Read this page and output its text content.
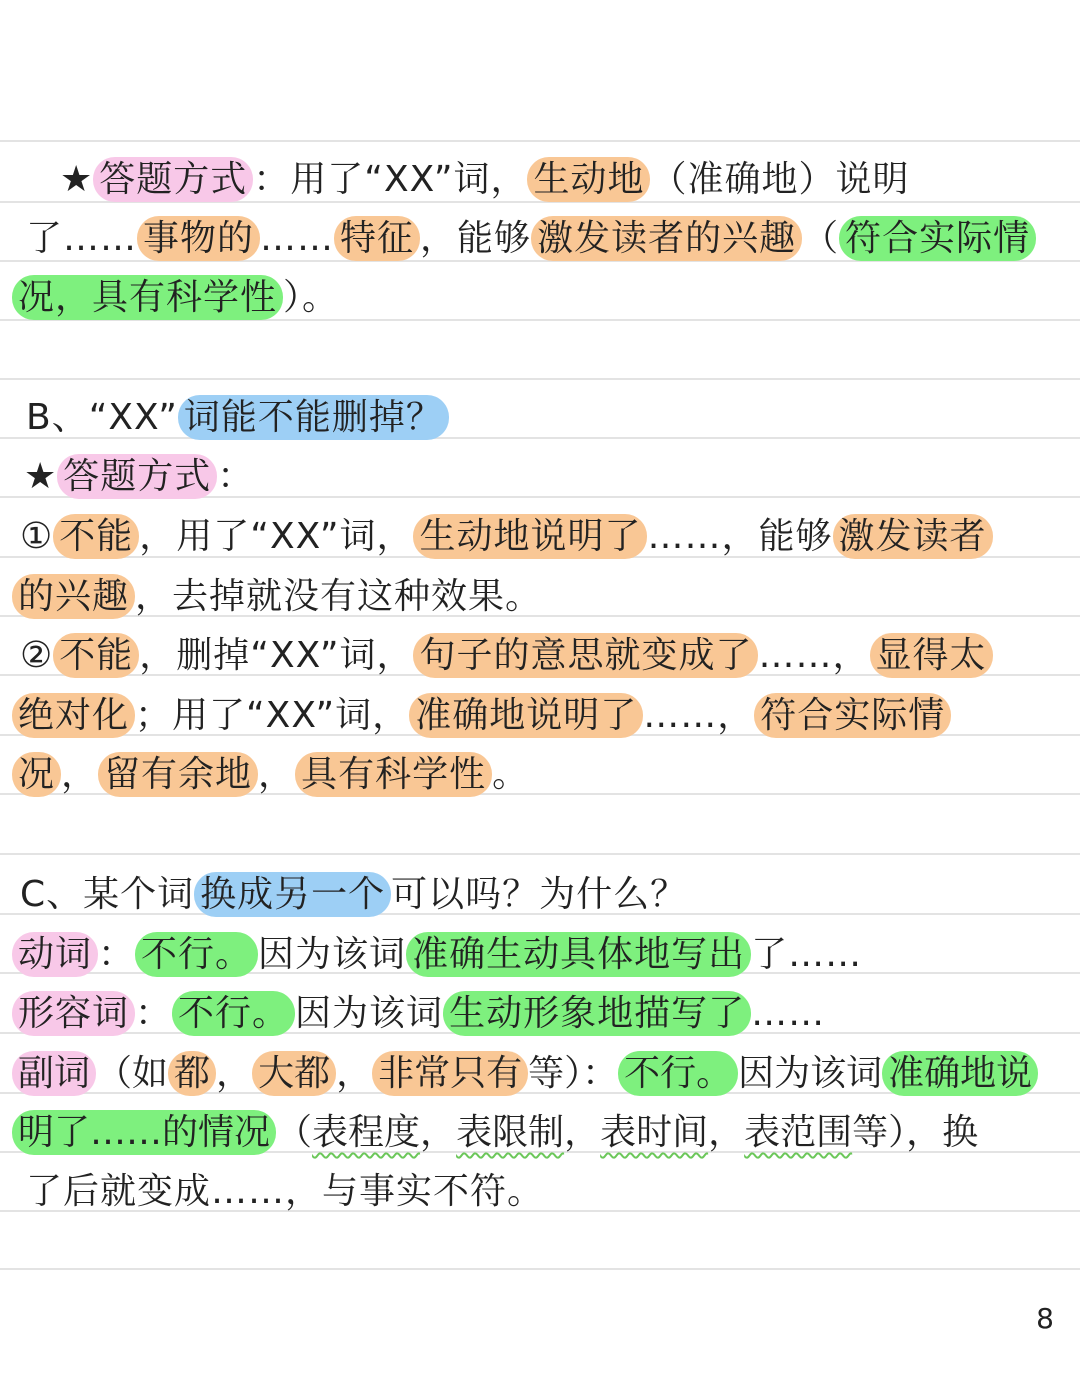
★ 答题方式 ：用了“XX”词， 生动地 （准确地）说明
了…… 事物的 …… 特征 ，能够 激发读者的兴趣 （ 符合实际情
况，具有科学性 ）。
B、“XX” 词能不能删掉？
★ 答题方式 ：
① 不能 ，用了“XX”词， 生动地说明了 ……，能够 激发读者
的兴趣 ，去掉就没有这种效果。
② 不能 ，删掉“XX”词， 句子的意思就变成了 ……， 显得太
绝对化 ；用了“XX”词， 准确地说明了 ……， 符合实际情
况 ， 留有余地 ， 具有科学性 。
C、某个词 换成另一个 可以吗？为什么？
动词 ： 不行。 因为该词 准确生动具体地写出 了……
形容词 ： 不行。 因为该词 生动形象地描写了 ……
副词 （如 都 ， 大都 ， 非常只有 等）： 不行。 因为该词 准确地说
明了……的情况 （表程度，表限制，表时间，表范围等），换
了后就变成……，与事实不符。
8
